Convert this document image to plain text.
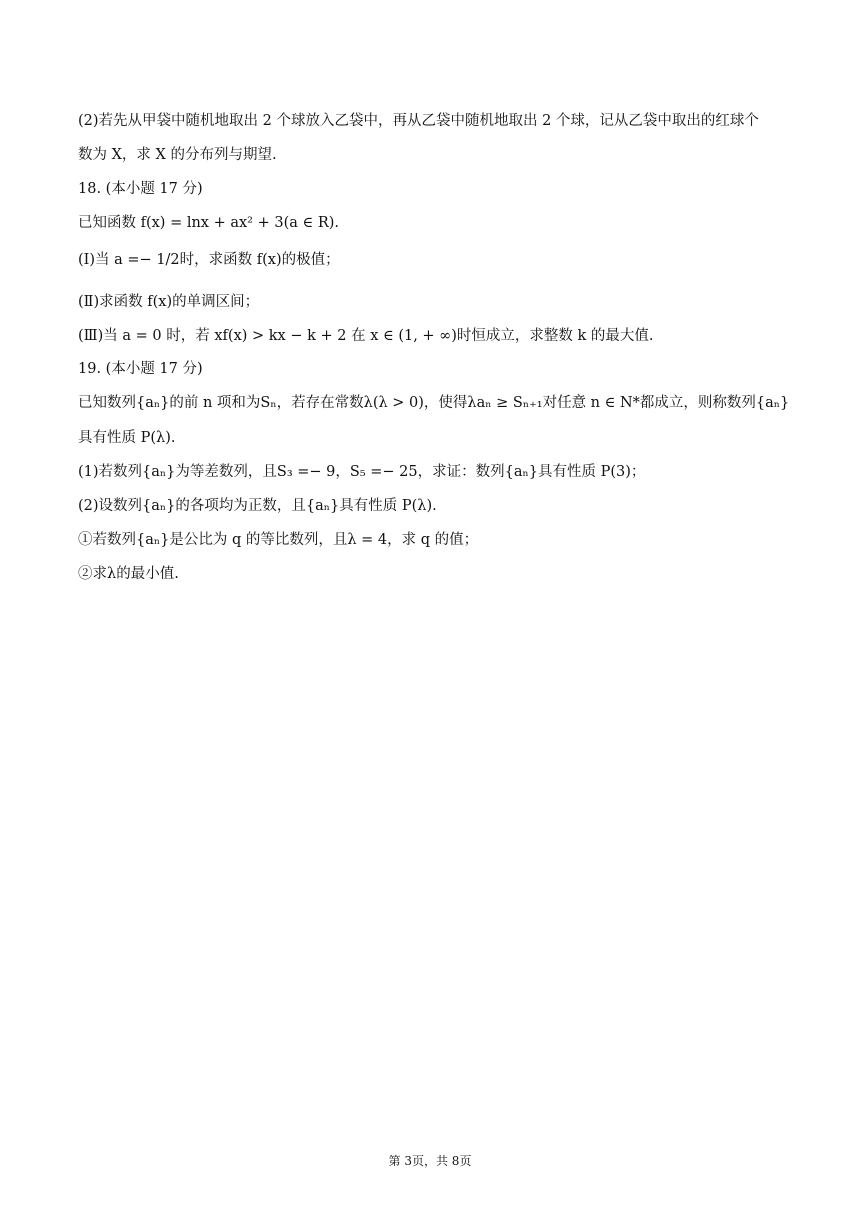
(2)若先从甲袋中随机地取出 2 个球放入乙袋中，再从乙袋中随机地取出 2 个球，记从乙袋中取出的红球个
数为 X，求 X 的分布列与期望.
18. (本小题 17 分)
已知函数 f(x) = lnx + ax² + 3(a ∈ R).
(Ⅰ)当 a =− 1/2时，求函数 f(x)的极值；
(Ⅱ)求函数 f(x)的单调区间；
(Ⅲ)当 a = 0 时，若 xf(x) > kx − k + 2 在 x ∈ (1, + ∞)时恒成立，求整数 k 的最大值.
19. (本小题 17 分)
已知数列{aₙ}的前 n 项和为Sₙ，若存在常数λ(λ > 0)，使得λaₙ ≥ Sₙ₊₁对任意 n ∈ N*都成立，则称数列{aₙ}
具有性质 P(λ).
(1)若数列{aₙ}为等差数列，且S₃ =− 9，S₅ =− 25，求证：数列{aₙ}具有性质 P(3)；
(2)设数列{aₙ}的各项均为正数，且{aₙ}具有性质 P(λ).
①若数列{aₙ}是公比为 q 的等比数列，且λ = 4，求 q 的值；
②求λ的最小值.
第 3页，共 8页
